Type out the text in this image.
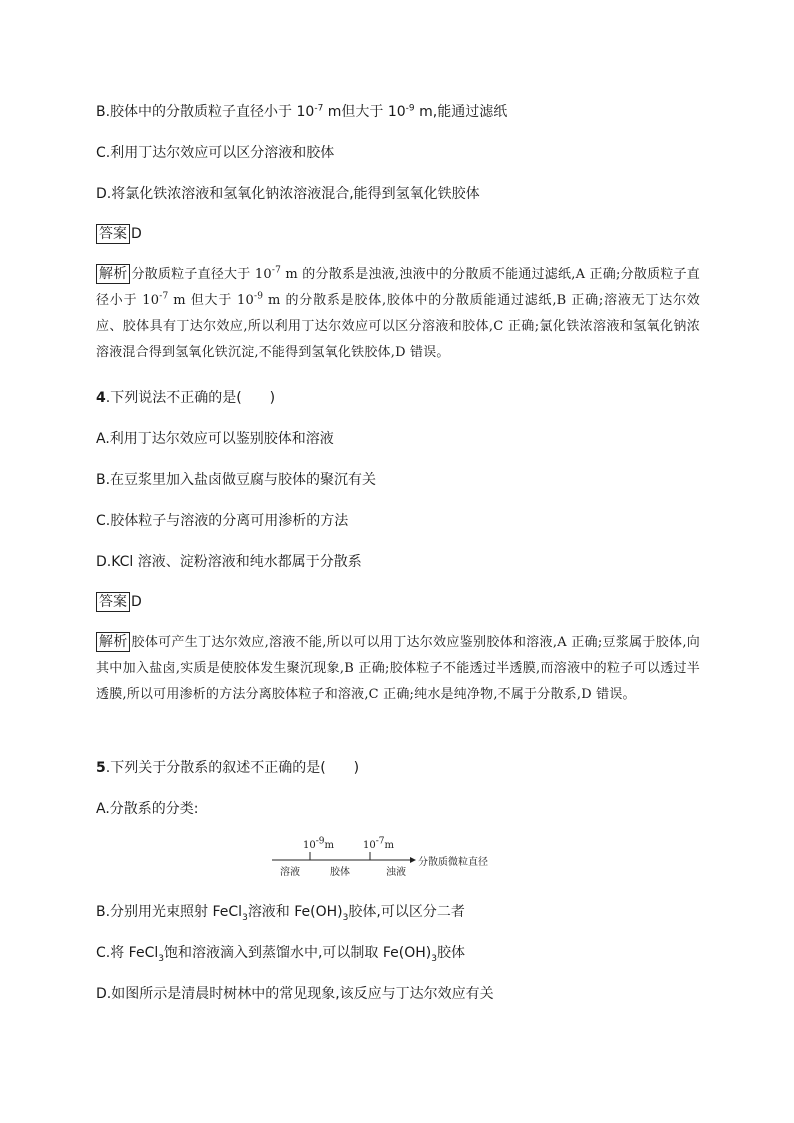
B.胶体中的分散质粒子直径小于 $10^{-7}$ m但大于 $10^{-9}$ m,能通过滤纸
C.利用丁达尔效应可以区分溶液和胶体
D.将氯化铁浓溶液和氢氧化钠浓溶液混合,能得到氢氧化铁胶体
答案 D
解析 分散质粒子直径大于 $10^{-7}$ m 的分散系是浊液,浊液中的分散质不能通过滤纸,A 正确;分散质粒子直径小于 $10^{-7}$ m 但大于 $10^{-9}$ m 的分散系是胶体,胶体中的分散质能通过滤纸,B 正确;溶液无丁达尔效应、胶体具有丁达尔效应,所以利用丁达尔效应可以区分溶液和胶体,C 正确;氯化铁浓溶液和氢氧化钠浓溶液混合得到氢氧化铁沉淀,不能得到氢氧化铁胶体,D 错误。
4.下列说法不正确的是(　　)
A.利用丁达尔效应可以鉴别胶体和溶液
B.在豆浆里加入盐卤做豆腐与胶体的聚沉有关
C.胶体粒子与溶液的分离可用渗析的方法
D.KCl 溶液、淀粉溶液和纯水都属于分散系
答案 D
解析 胶体可产生丁达尔效应,溶液不能,所以可以用丁达尔效应鉴别胶体和溶液,A 正确;豆浆属于胶体,向其中加入盐卤,实质是使胶体发生聚沉现象,B 正确;胶体粒子不能透过半透膜,而溶液中的粒子可以透过半透膜,所以可用渗析的方法分离胶体粒子和溶液,C 正确;纯水是纯净物,不属于分散系,D 错误。
5.下列关于分散系的叙述不正确的是(　　)
A.分散系的分类:
10-9m	10-7m
溶液	胶体	浊液
分散质微粒直径
B.分别用光束照射 FeCl$_3$溶液和 $Fe(OH)_3$胶体,可以区分二者
C.将 FeCl$_3$饱和溶液滴入到蒸馏水中,可以制取 $Fe(OH)_3$胶体
D.如图所示是清晨时树林中的常见现象,该反应与丁达尔效应有关
